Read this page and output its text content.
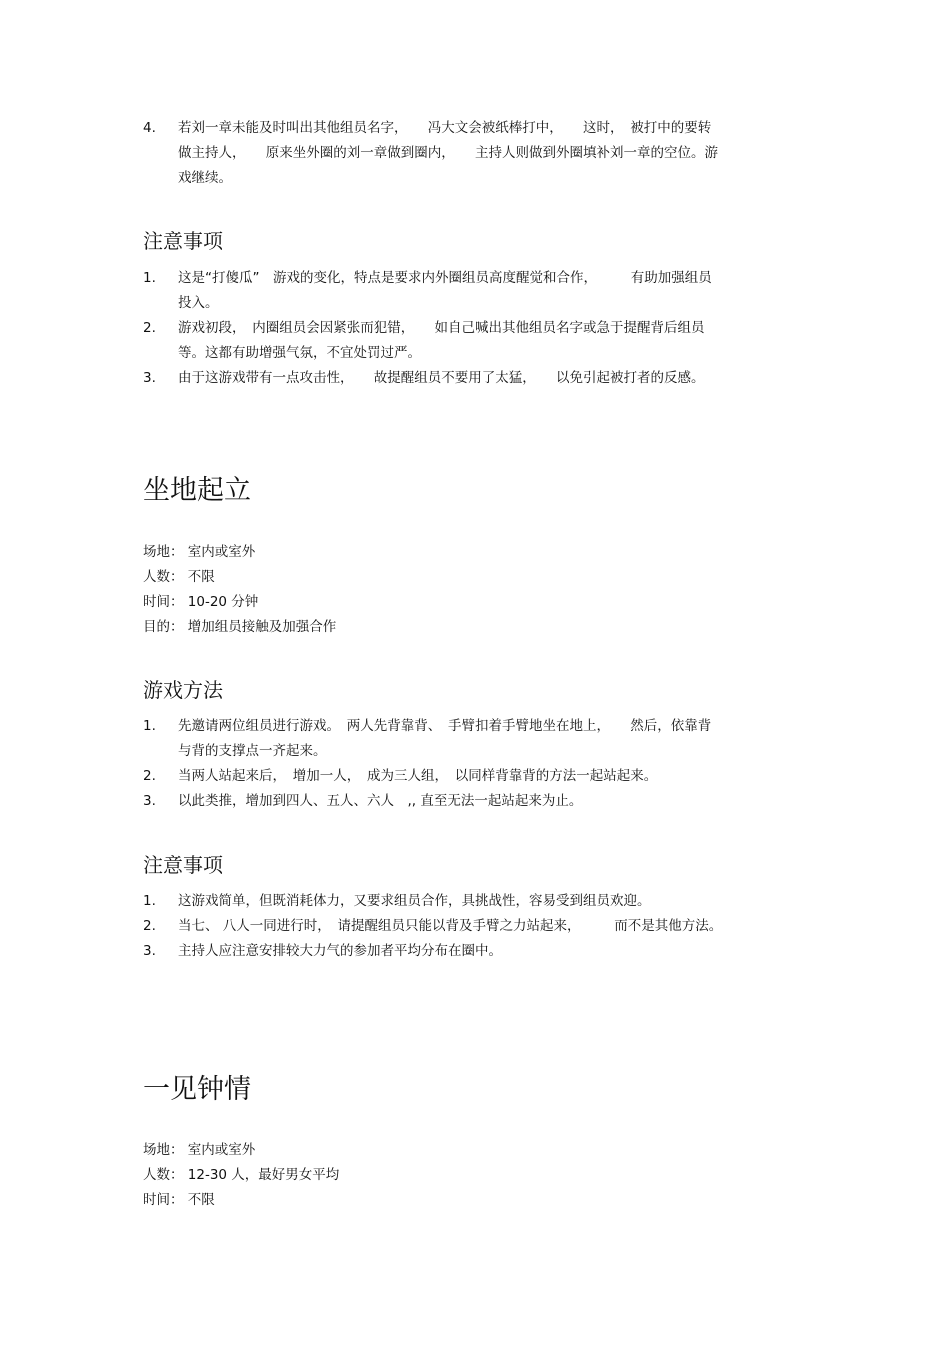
4. 若刘一章未能及时叫出其他组员名字，　　冯大文会被纸棒打中，　　这时，　被打中的要转做主持人，　　原来坐外圈的刘一章做到圈内，　　主持人则做到外圈填补刘一章的空位。游戏继续。
注意事项
1. 这是“打傻瓜”　游戏的变化，特点是要求内外圈组员高度醒觉和合作，　　　有助加强组员投入。
2. 游戏初段，　内圈组员会因紧张而犯错，　　如自己喊出其他组员名字或急于提醒背后组员等。这都有助增强气氛，不宜处罚过严。
3. 由于这游戏带有一点攻击性，　　故提醒组员不要用了太猛，　　以免引起被打者的反感。
坐地起立
场地： 室内或室外
人数： 不限
时间： 10-20 分钟
目的： 增加组员接触及加强合作
游戏方法
1. 先邀请两位组员进行游戏。　两人先背靠背、　手臂扣着手臂地坐在地上，　　然后，依靠背与背的支撑点一齐起来。
2. 当两人站起来后，　增加一人，　成为三人组，　以同样背靠背的方法一起站起来。
3. 以此类推，增加到四人、五人、六人　,, 直至无法一起站起来为止。
注意事项
1. 这游戏简单，但既消耗体力，又要求组员合作，具挑战性，容易受到组员欢迎。
2. 当七、 八人一同进行时，　请提醒组员只能以背及手臂之力站起来，　　　而不是其他方法。
3. 主持人应注意安排较大力气的参加者平均分布在圈中。
一见钟情
场地： 室内或室外
人数： 12-30 人，最好男女平均
时间： 不限
